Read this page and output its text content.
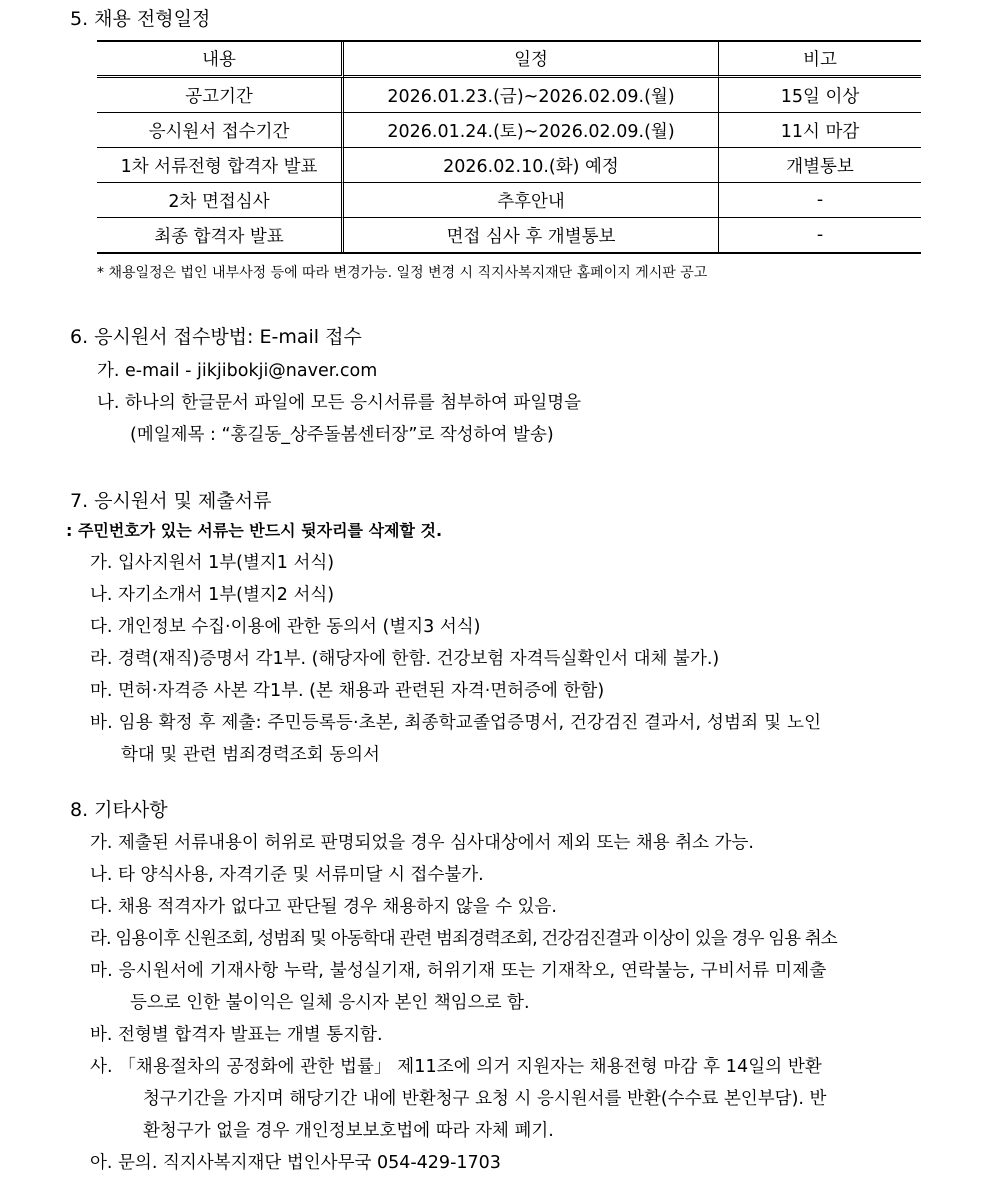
5. 채용 전형일정
내용	일정	비고
공고기간	2026.01.23.(금)~2026.02.09.(월)	15일 이상
응시원서 접수기간	2026.01.24.(토)~2026.02.09.(월)	11시 마감
1차 서류전형 합격자 발표	2026.02.10.(화) 예정	개별통보
2차 면접심사	추후안내	-
최종 합격자 발표	면접 심사 후 개별통보	-
* 채용일정은 법인 내부사정 등에 따라 변경가능. 일정 변경 시 직지사복지재단 홈페이지 게시판 공고
6. 응시원서 접수방법: E-mail 접수
가. e-mail - jikjibokji@naver.com
나. 하나의 한글문서 파일에 모든 응시서류를 첨부하여 파일명을
(메일제목 : “홍길동_상주돌봄센터장”로 작성하여 발송)
7. 응시원서 및 제출서류
: 주민번호가 있는 서류는 반드시 뒷자리를 삭제할 것.
가. 입사지원서 1부(별지1 서식)
나. 자기소개서 1부(별지2 서식)
다. 개인정보 수집·이용에 관한 동의서 (별지3 서식)
라. 경력(재직)증명서 각1부. (해당자에 한함. 건강보험 자격득실확인서 대체 불가.)
마. 면허·자격증 사본 각1부. (본 채용과 관련된 자격·면허증에 한함)
바. 임용 확정 후 제출: 주민등록등·초본, 최종학교졸업증명서, 건강검진 결과서, 성범죄 및 노인
학대 및 관련 범죄경력조회 동의서
8. 기타사항
가. 제출된 서류내용이 허위로 판명되었을 경우 심사대상에서 제외 또는 채용 취소 가능.
나. 타 양식사용, 자격기준 및 서류미달 시 접수불가.
다. 채용 적격자가 없다고 판단될 경우 채용하지 않을 수 있음.
라. 임용이후 신원조회, 성범죄 및 아동학대 관련 범죄경력조회, 건강검진결과 이상이 있을 경우 임용 취소
마. 응시원서에 기재사항 누락, 불성실기재, 허위기재 또는 기재착오, 연락불능, 구비서류 미제출
등으로 인한 불이익은 일체 응시자 본인 책임으로 함.
바. 전형별 합격자 발표는 개별 통지함.
사. 「채용절차의 공정화에 관한 법률」 제11조에 의거 지원자는 채용전형 마감 후 14일의 반환
청구기간을 가지며 해당기간 내에 반환청구 요청 시 응시원서를 반환(수수료 본인부담). 반
환청구가 없을 경우 개인정보보호법에 따라 자체 폐기.
아. 문의. 직지사복지재단 법인사무국 054-429-1703
